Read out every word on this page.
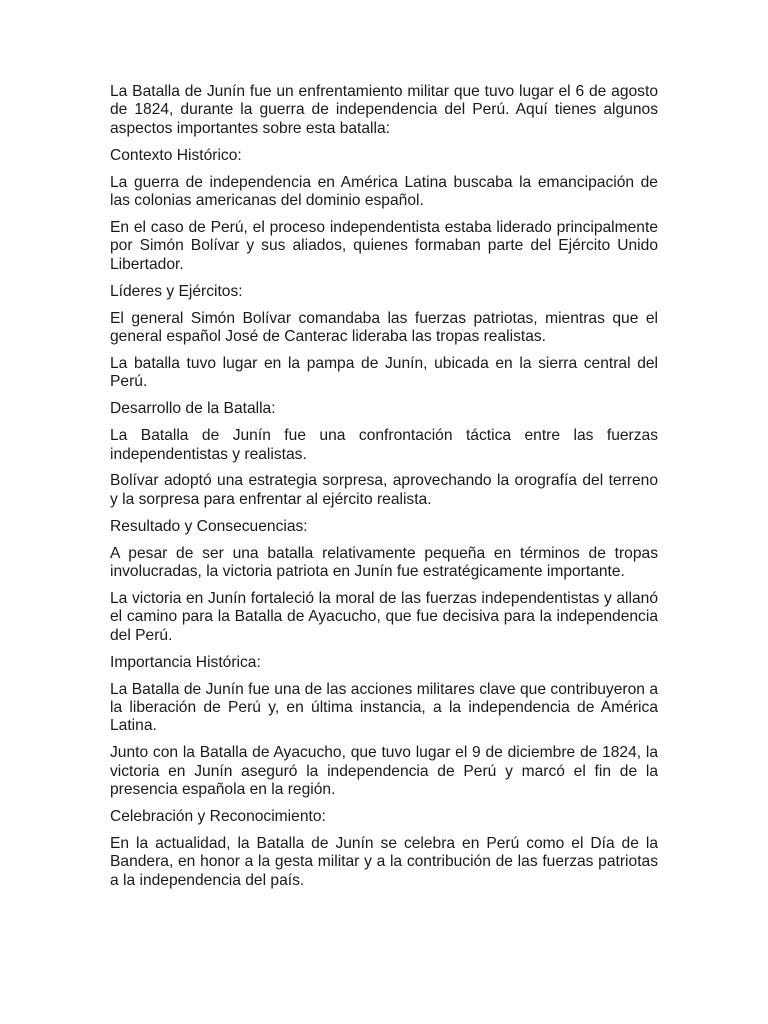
La Batalla de Junín fue un enfrentamiento militar que tuvo lugar el 6 de agosto de 1824, durante la guerra de independencia del Perú. Aquí tienes algunos aspectos importantes sobre esta batalla:

Contexto Histórico:

La guerra de independencia en América Latina buscaba la emancipación de las colonias americanas del dominio español.

En el caso de Perú, el proceso independentista estaba liderado principalmente por Simón Bolívar y sus aliados, quienes formaban parte del Ejército Unido Libertador.

Líderes y Ejércitos:

El general Simón Bolívar comandaba las fuerzas patriotas, mientras que el general español José de Canterac lideraba las tropas realistas.

La batalla tuvo lugar en la pampa de Junín, ubicada en la sierra central del Perú.

Desarrollo de la Batalla:

La Batalla de Junín fue una confrontación táctica entre las fuerzas independentistas y realistas.

Bolívar adoptó una estrategia sorpresa, aprovechando la orografía del terreno y la sorpresa para enfrentar al ejército realista.

Resultado y Consecuencias:

A pesar de ser una batalla relativamente pequeña en términos de tropas involucradas, la victoria patriota en Junín fue estratégicamente importante.

La victoria en Junín fortaleció la moral de las fuerzas independentistas y allanó el camino para la Batalla de Ayacucho, que fue decisiva para la independencia del Perú.

Importancia Histórica:

La Batalla de Junín fue una de las acciones militares clave que contribuyeron a la liberación de Perú y, en última instancia, a la independencia de América Latina.

Junto con la Batalla de Ayacucho, que tuvo lugar el 9 de diciembre de 1824, la victoria en Junín aseguró la independencia de Perú y marcó el fin de la presencia española en la región.

Celebración y Reconocimiento:

En la actualidad, la Batalla de Junín se celebra en Perú como el Día de la Bandera, en honor a la gesta militar y a la contribución de las fuerzas patriotas a la independencia del país.
